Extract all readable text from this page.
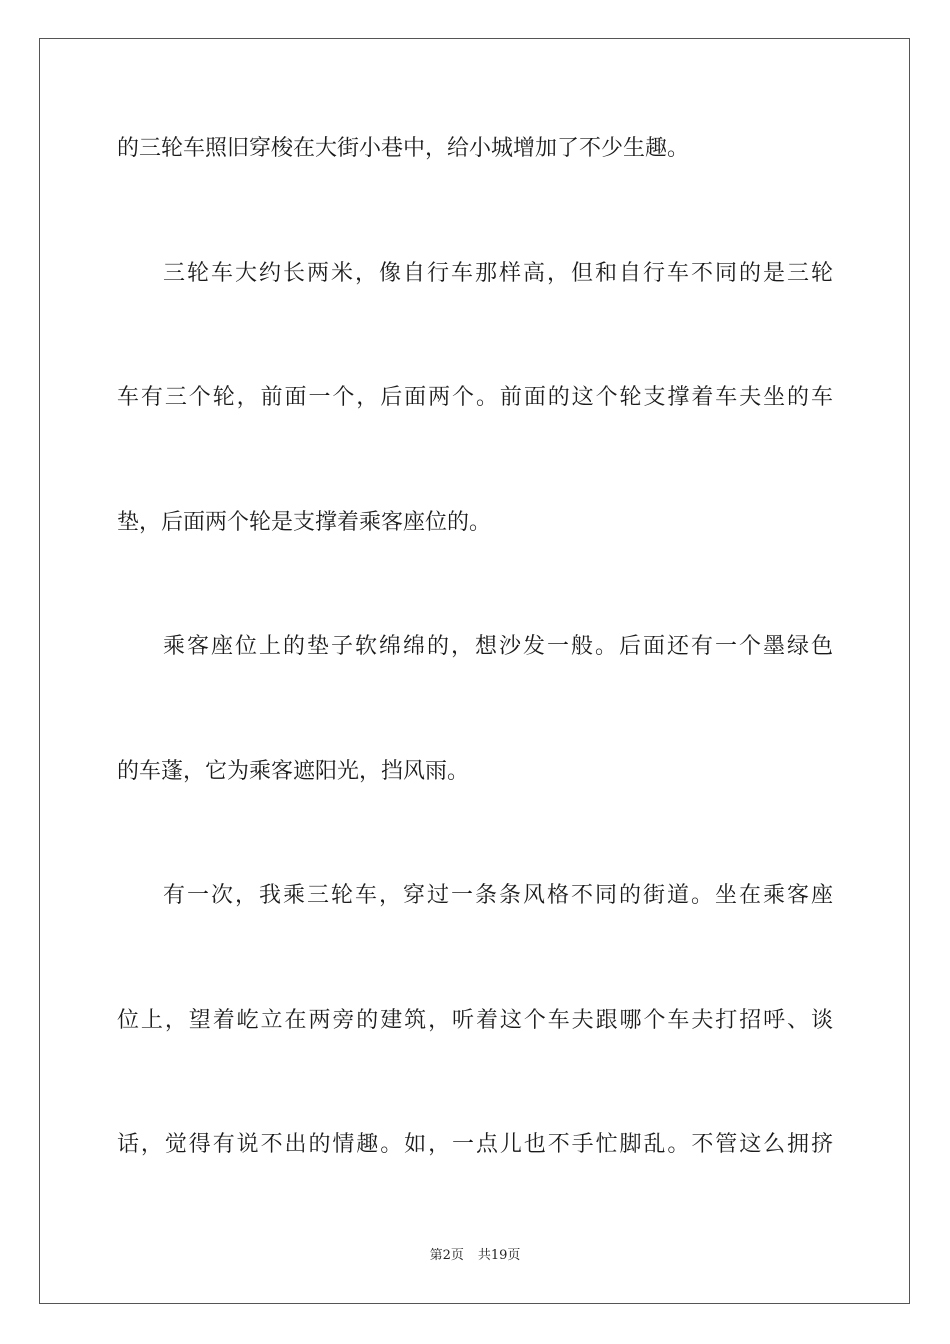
的三轮车照旧穿梭在大街小巷中，给小城增加了不少生趣。
三轮车大约长两米，像自行车那样高，但和自行车不同的是三轮
车有三个轮，前面一个，后面两个。前面的这个轮支撑着车夫坐的车
垫，后面两个轮是支撑着乘客座位的。
乘客座位上的垫子软绵绵的，想沙发一般。后面还有一个墨绿色
的车蓬，它为乘客遮阳光，挡风雨。
有一次，我乘三轮车，穿过一条条风格不同的街道。坐在乘客座
位上，望着屹立在两旁的建筑，听着这个车夫跟哪个车夫打招呼、谈
话，觉得有说不出的情趣。如，一点儿也不手忙脚乱。不管这么拥挤
第2页 共19页
